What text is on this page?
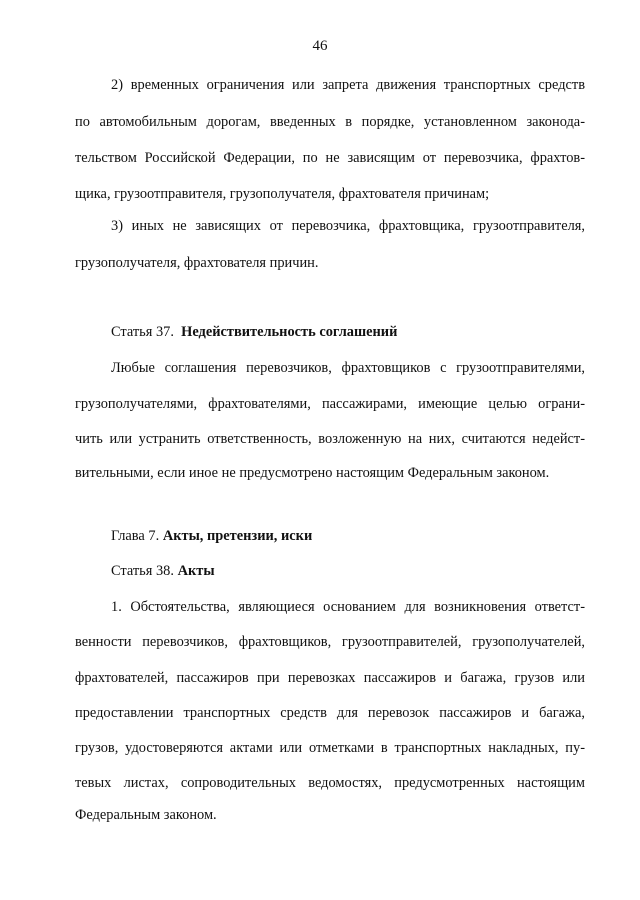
46
2) временных ограничения или запрета движения транспортных средств
по автомобильным дорогам, введенных в порядке, установленном законода-
тельством Российской Федерации, по не зависящим от перевозчика, фрахтов-
щика, грузоотправителя, грузополучателя, фрахтователя причинам;
3) иных не зависящих от перевозчика, фрахтовщика, грузоотправителя,
грузополучателя, фрахтователя причин.
Статья 37. Недействительность соглашений
Любые соглашения перевозчиков, фрахтовщиков с грузоотправителями,
грузополучателями, фрахтователями, пассажирами, имеющие целью ограни-
чить или устранить ответственность, возложенную на них, считаются недейст-
вительными, если иное не предусмотрено настоящим Федеральным законом.
Глава 7. Акты, претензии, иски
Статья 38. Акты
1. Обстоятельства, являющиеся основанием для возникновения ответст-
венности перевозчиков, фрахтовщиков, грузоотправителей, грузополучателей,
фрахтователей, пассажиров при перевозках пассажиров и багажа, грузов или
предоставлении транспортных средств для перевозок пассажиров и багажа,
грузов, удостоверяются актами или отметками в транспортных накладных, пу-
тевых листах, сопроводительных ведомостях, предусмотренных настоящим
Федеральным законом.
